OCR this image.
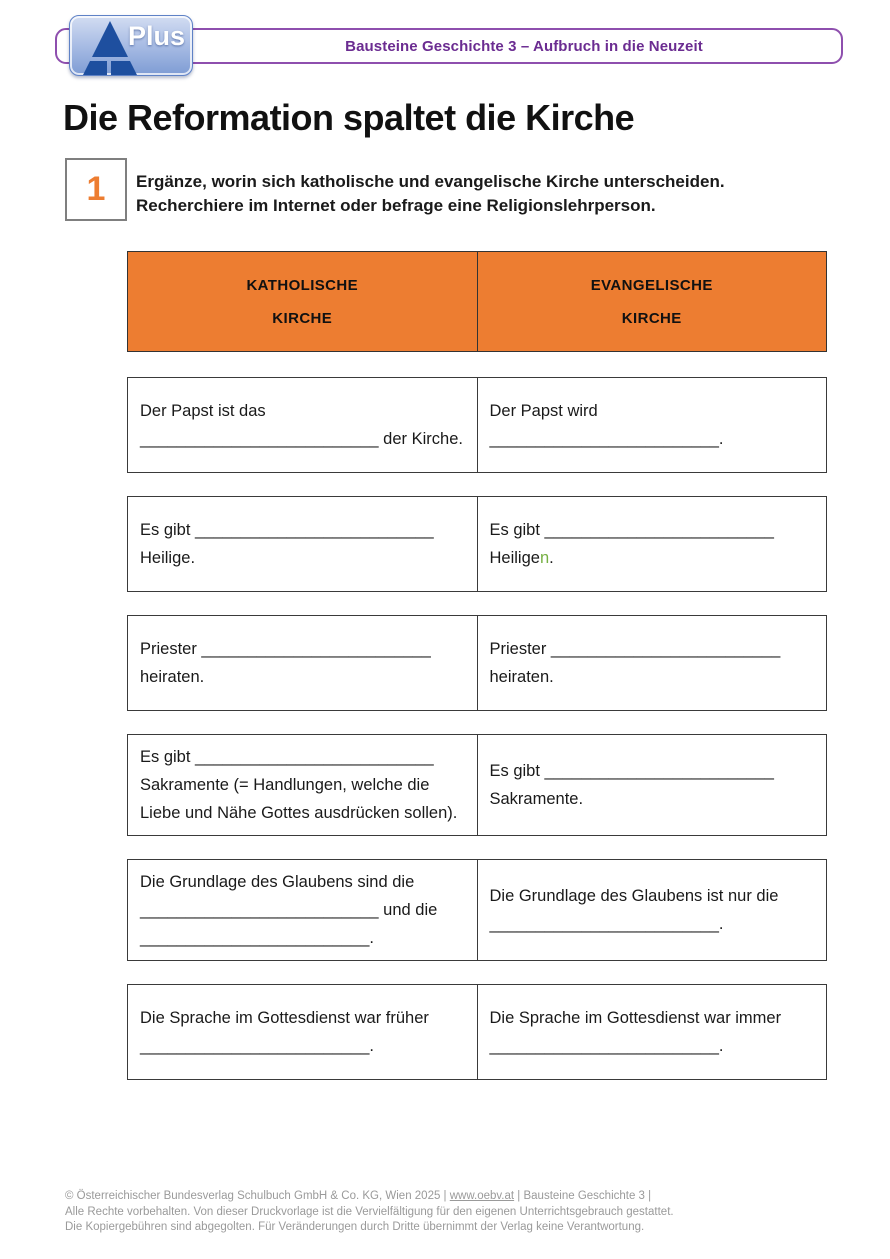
Bausteine Geschichte 3 – Aufbruch in die Neuzeit
Plus
Die Reformation spaltet die Kirche
1 Ergänze, worin sich katholische und evangelische Kirche unterscheiden.
Recherchiere im Internet oder befrage eine Religionslehrperson.
KATHOLISCHE
KIRCHE
EVANGELISCHE
KIRCHE
Der Papst ist das
__________________________ der Kirche.
Der Papst wird
_________________________.
Es gibt __________________________
Heilige.
Es gibt _________________________
Heiligen.
Priester _________________________
heiraten.
Priester _________________________
heiraten.
Es gibt __________________________
Sakramente (= Handlungen, welche die
Liebe und Nähe Gottes ausdrücken sollen).
Es gibt _________________________
Sakramente.
Die Grundlage des Glaubens sind die
__________________________ und die
_________________________.
Die Grundlage des Glaubens ist nur die
_________________________.
Die Sprache im Gottesdienst war früher
_________________________.
Die Sprache im Gottesdienst war immer
_________________________.
© Österreichischer Bundesverlag Schulbuch GmbH & Co. KG, Wien 2025 | www.oebv.at | Bausteine Geschichte 3 |
Alle Rechte vorbehalten. Von dieser Druckvorlage ist die Vervielfältigung für den eigenen Unterrichtsgebrauch gestattet.
Die Kopiergebühren sind abgegolten. Für Veränderungen durch Dritte übernimmt der Verlag keine Verantwortung.
